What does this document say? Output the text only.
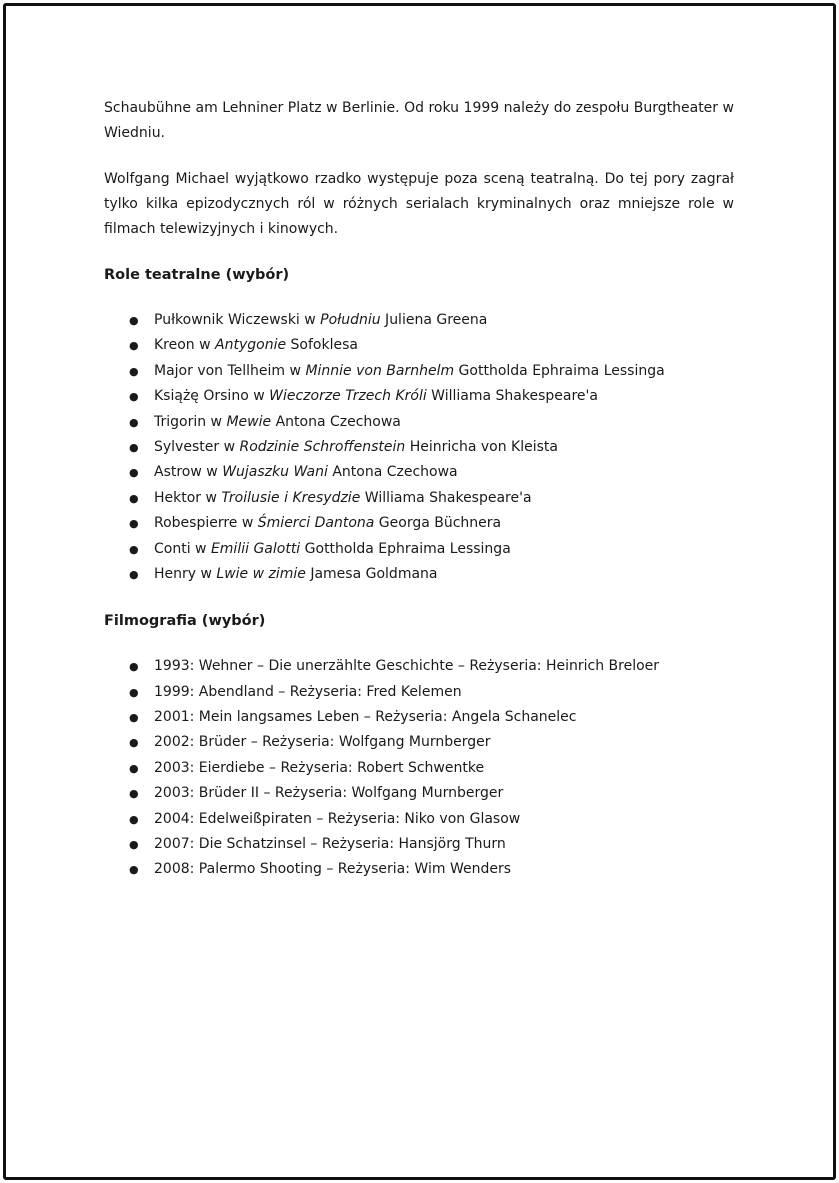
Schaubühne am Lehniner Platz w Berlinie. Od roku 1999 należy do zespołu Burgtheater w Wiedniu.

Wolfgang Michael wyjątkowo rzadko występuje poza sceną teatralną. Do tej pory zagrał tylko kilka epizodycznych ról w różnych serialach kryminalnych oraz mniejsze role w filmach telewizyjnych i kinowych.

Role teatralne (wybór)
● Pułkownik Wiczewski w Południu Juliena Greena
● Kreon w Antygonie Sofoklesa
● Major von Tellheim w Minnie von Barnhelm Gottholda Ephraima Lessinga
● Książę Orsino w Wieczorze Trzech Króli Williama Shakespeare'a
● Trigorin w Mewie Antona Czechowa
● Sylvester w Rodzinie Schroffenstein Heinricha von Kleista
● Astrow w Wujaszku Wani Antona Czechowa
● Hektor w Troilusie i Kresydzie Williama Shakespeare'a
● Robespierre w Śmierci Dantona Georga Büchnera
● Conti w Emilii Galotti Gottholda Ephraima Lessinga
● Henry w Lwie w zimie Jamesa Goldmana
Filmografia (wybór)
● 1993: Wehner – Die unerzählte Geschichte – Reżyseria: Heinrich Breloer
● 1999: Abendland – Reżyseria: Fred Kelemen
● 2001: Mein langsames Leben – Reżyseria: Angela Schanelec
● 2002: Brüder – Reżyseria: Wolfgang Murnberger
● 2003: Eierdiebe – Reżyseria: Robert Schwentke
● 2003: Brüder II – Reżyseria: Wolfgang Murnberger
● 2004: Edelweißpiraten – Reżyseria: Niko von Glasow
● 2007: Die Schatzinsel – Reżyseria: Hansjörg Thurn
● 2008: Palermo Shooting – Reżyseria: Wim Wenders
